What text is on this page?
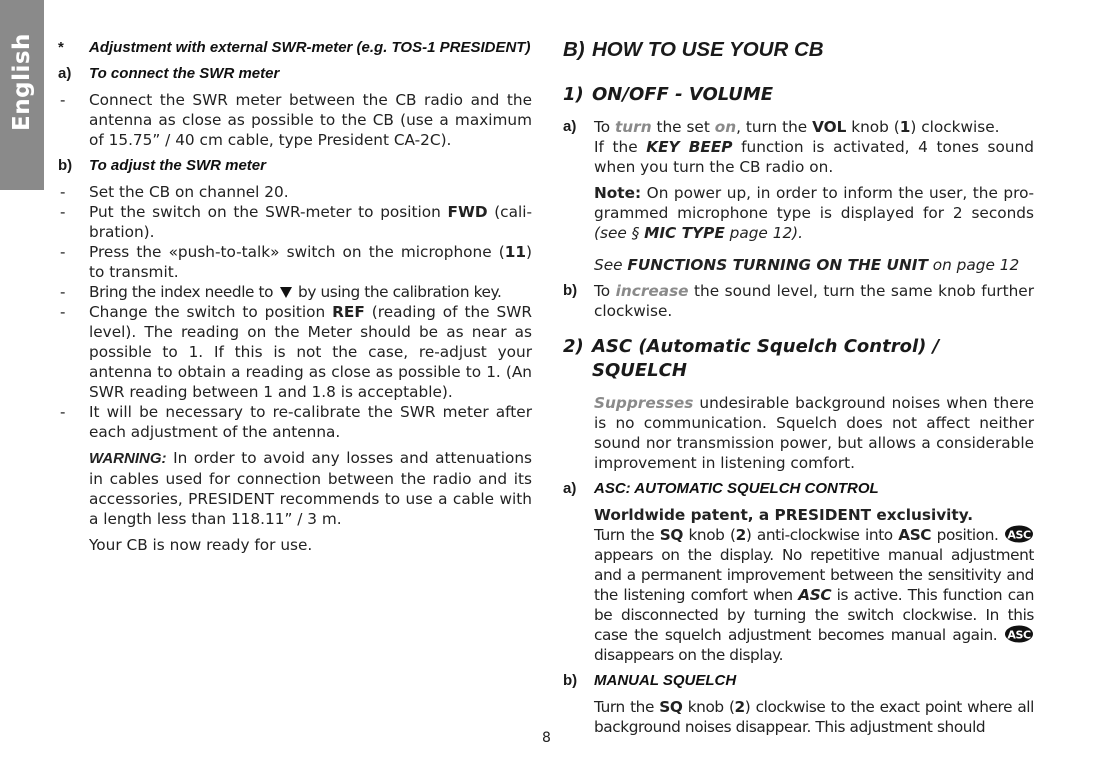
English *	Adjustment with external SWR-meter (e.g. TOS-1 PRESIDENT)
a)	To connect the SWR meter
-	Connect the SWR meter between the CB radio and the antenna as close as possible to the CB (use a maximum of 15.75” / 40 cm cable, type President CA-2C).
b)	To adjust the SWR meter
-	Set the CB on channel 20.
-	Put the switch on the SWR-meter to position FWD (calibration).
-	Press the «push-to-talk» switch on the microphone (11) to transmit.
-	Bring the index needle to  by using the calibration key.
-	Change the switch to position REF (reading of the SWR level). The reading on the Meter should be as near as possible to 1. If this is not the case, re-adjust your antenna to obtain a reading as close as possible to 1. (An SWR reading between 1 and 1.8 is acceptable).
-	It will be necessary to re-calibrate the SWR meter after each adjustment of the antenna.
WARNING: In order to avoid any losses and attenuations in cables used for connection between the radio and its accessories, PRESIDENT recommends to use a cable with a length less than 118.11” / 3 m.
Your CB is now ready for use.
B) HOW TO USE YOUR CB
1) ON/OFF - VOLUME
a)	To turn the set on, turn the VOL knob (1) clockwise.
If the KEY BEEP function is activated, 4 tones sound when you turn the CB radio on.
Note: On power up, in order to inform the user, the programmed microphone type is displayed for 2 seconds (see § MIC TYPE page 12).
See FUNCTIONS TURNING ON THE UNIT on page 12
b)	To increase the sound level, turn the same knob further clockwise.
2) ASC (Automatic Squelch Control) / SQUELCH
Suppresses undesirable background noises when there is no communication. Squelch does not affect neither sound nor transmission power, but allows a considerable improvement in listening comfort.
a)	ASC: AUTOMATIC SQUELCH CONTROL
Worldwide patent, a PRESIDENT exclusivity.
Turn the SQ knob (2) anti-clockwise into ASC position. ASC
appears on the display. No repetitive manual adjustment and a permanent improvement between the sensitivity and the listening comfort when ASC is active. This function can be disconnected by turning the switch clockwise. In this case the squelch adjustment becomes manual again. ASC
disappears on the display.
b)	MANUAL SQUELCH
Turn the SQ knob (2) clockwise to the exact point where all background noises disappear. This adjustment should
8
